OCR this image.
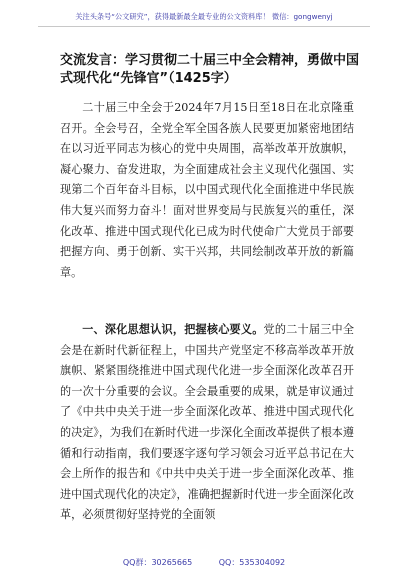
关注头条号“公文研究”，获得最新最全最专业的公文资料库！ 微信：gongwenyj
交流发言：学习贯彻二十届三中全会精神，勇做中国式现代化“先锋官”（1425字）
二十届三中全会于2024年7月15日至18日在北京隆重召开。全会号召，全党全军全国各族人民要更加紧密地团结在以习近平同志为核心的党中央周围，高举改革开放旗帜，凝心聚力、奋发进取，为全面建成社会主义现代化强国、实现第二个百年奋斗目标，以中国式现代化全面推进中华民族伟大复兴而努力奋斗！面对世界变局与民族复兴的重任，深化改革、推进中国式现代化已成为时代使命广大党员于部要把握方向、勇于创新、实干兴邦，共同绘制改革开放的新篇章。
一、深化思想认识，把握核心要义。党的二十届三中全会是在新时代新征程上，中国共产党坚定不移高举改革开放旗帜、紧紧围绕推进中国式现代化进一步全面深化改革召开的一次十分重要的会议。全会最重要的成果，就是审议通过了《中共中央关于进一步全面深化改革、推进中国式现代化的决定》，为我们在新时代进一步深化全面改革提供了根本遵循和行动指南，我们要逐字逐句学习领会习近平总书记在大会上所作的报告和《中共中央关于进一步全面深化改革、推进中国式现代化的决定》，准确把握新时代进一步全面深化改革，必须贯彻好坚持党的全面领
QQ群：30265665	QQ：535304092
